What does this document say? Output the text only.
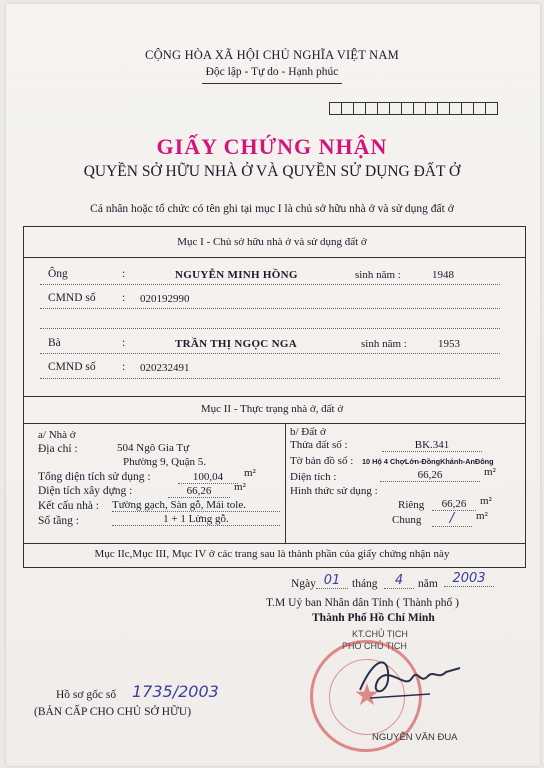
CỘNG HÒA XÃ HỘI CHỦ NGHĨA VIỆT NAM
Độc lập - Tự do - Hạnh phúc
GIẤY CHỨNG NHẬN
QUYỀN SỞ HỮU NHÀ Ở VÀ QUYỀN SỬ DỤNG ĐẤT Ở
Cá nhân hoặc tổ chức có tên ghi tại mục I là chủ sở hữu nhà ở và sử dụng đất ở
Mục I - Chủ sở hữu nhà ở và sử dụng đất ở
Ông	:	NGUYỄN MINH HỒNG	sinh năm :	1948
CMND số : 020192990
Bà	:	TRẦN THỊ NGỌC NGA	sinh năm :	1953
CMND số : 020232491
Mục II - Thực trạng nhà ở, đất ở
a/ Nhà ở
Địa chỉ :	504 Ngô Gia Tự
Phường 9, Quận 5.
Tổng diện tích sử dụng :	100,04	m²
Diện tích xây dựng :	66,26	m²
Kết cấu nhà : Tường gạch, Sàn gỗ, Mái tole.
Số tầng :	1 + 1 Lửng gỗ.
b/ Đất ở
Thửa đất số :	BK.341
Tờ bản đồ số : 10 Hộ 4 ChợLớn-ĐồngKhánh-AnĐông
Diện tích :	66,26	m²
Hình thức sử dụng :
Riêng	66,26	m²
Chung	/	m²
Mục IIc,Mục III, Mục IV ở các trang sau là thành phần của giấy chứng nhận này
Ngày 01	tháng	4	năm	2003
T.M Uỷ ban Nhân dân Tỉnh ( Thành phố )
Thành Phố Hồ Chí Minh
KT.CHỦ TỊCH
PHÓ CHỦ TỊCH
★
NGUYỄN VĂN ĐUA
Hồ sơ gốc số 1735/2003
(BẢN CẤP CHO CHỦ SỞ HỮU)
